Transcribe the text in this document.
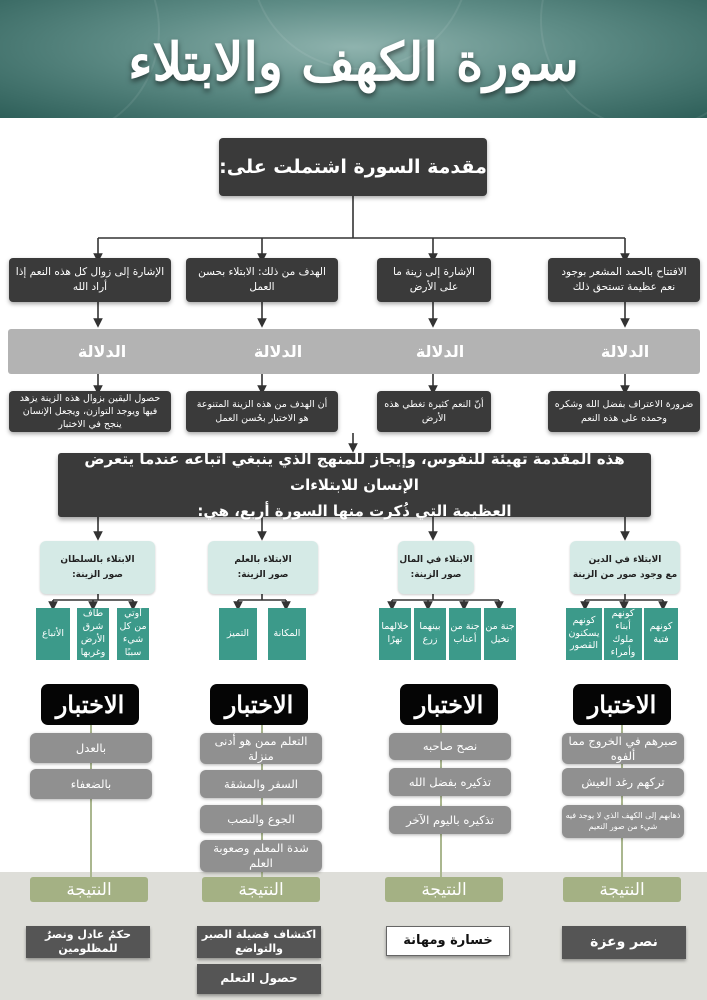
سورة الكهف والابتلاء
مقدمة السورة اشتملت على:
الافتتاح بالحمد المشعر بوجود نعم عظيمة تستحق ذلك
الإشارة إلى زينة ما على الأرض
الهدف من ذلك: الابتلاء بحسن العمل
الإشارة إلى زوال كل هذه النعم إذا أراد الله
الدلالة
الدلالة
الدلالة
الدلالة
ضرورة الاعتراف بفضل الله وشكره وحمده على هذه النعم
أنّ النعم كثيرة تغطي هذه الأرض
أن الهدف من هذه الزينة المتنوعة هو الاختبار بحُسن العمل
حصول اليقين بزوال هذه الزينة يزهد فيها ويوجد التوازن، ويجعل الإنسان ينجح في الاختبار
هذه المقدمة تهيئة للنفوس، وإيجاز للمنهج الذي ينبغي اتباعه عندما يتعرض الإنسان للابتلاءات
العظيمة التي ذُكرت منها السورة أربع، هي:
الابتلاء في الدين
مع وجود صور من الزينة
الابتلاء في المال
صور الزينة:
الابتلاء بالعلم
صور الزينة:
الابتلاء بالسلطان
صور الزينة:
كونهم فتية
كونهم أبناء ملوك وأمراء
كونهم يسكنون القصور
جنة من نخيل
جنة من أعناب
بينهما زرع
خلالهما نهرًا
المكانة
التميز
أوتي من كل شيء سببًا
طاف شرق الأرض وغربها
الأتباع
الاختبار
الاختبار
الاختبار
الاختبار
صبرهم في الخروج مما ألفوه
تركهم رغد العيش
ذهابهم إلى الكهف الذي لا يوجد فيه شيء من صور النعيم
نصح صاحبه
تذكيره بفضل الله
تذكيره باليوم الآخر
التعلم ممن هو أدنى منزلة
السفر والمشقة
الجوع والنصب
شدة المعلم وصعوبة العلم
بالعدل
بالضعفاء
النتيجة
النتيجة
النتيجة
النتيجة
نصر وعزة
خسارة ومهانة
اكتشاف فضيلة الصبر والتواضع
حصول التعلم
حكمٌ عادل ونصرٌ للمظلومين
